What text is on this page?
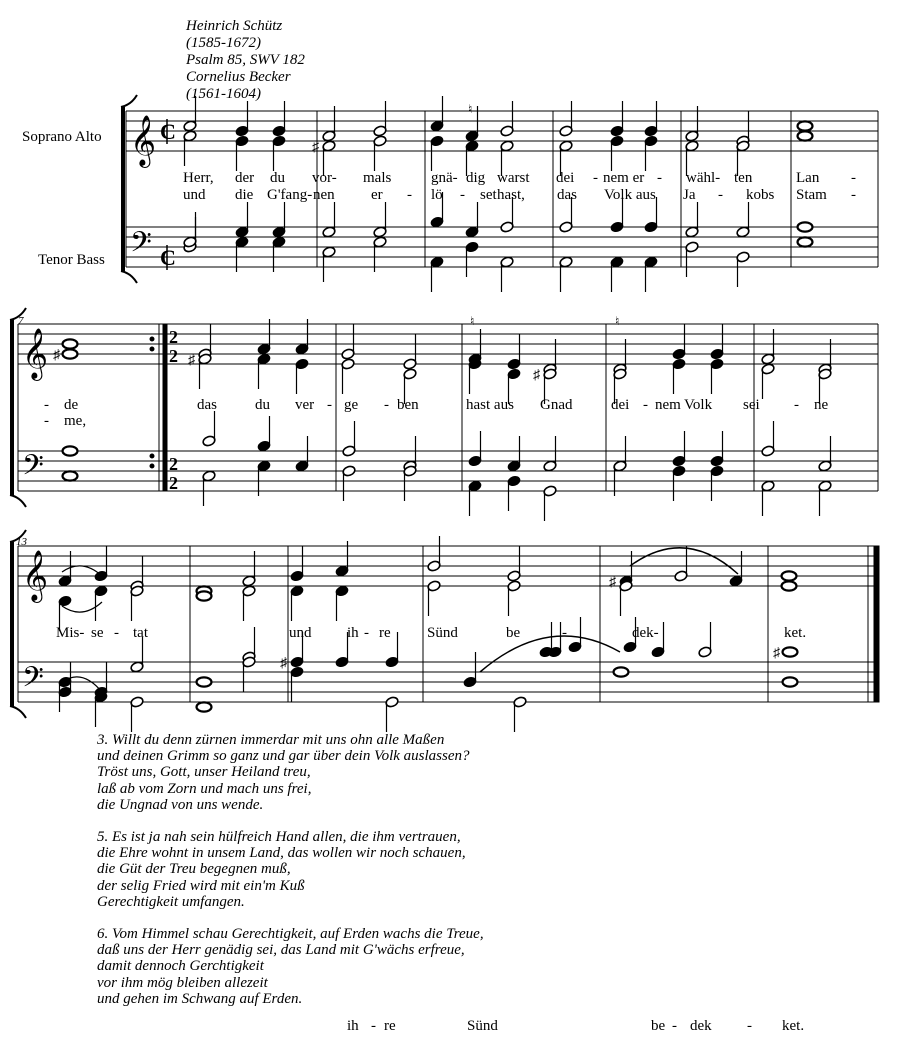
Heinrich Schütz
(1585-1672)
Psalm 85, SWV 182
Cornelius Becker
(1561-1604)
𝄞
𝄢
𝄞
𝄢
𝄞
𝄢
C
C
2
2
2
2
♯
♮
♯	♯
♯
♮	♮
♯
♯
♯
Herr, der du vor- mals	gnä- dig warst dei - nem er - wähl- ten	Lan -
und die G'fang- nen er - lö - set hast, das Volk aus Ja - kobs Stam -
- de	das	du ver - ge - ben	hast aus Gnad	dei - nem Volk sei - ne
- me,
Mis- se - tat	und ih - re Sünd	be	-	dek-	ket.
ih - re	Sünd	be - dek - ket.
Soprano Alto
Tenor Bass
7
13
3. Willt du denn zürnen immerdar mit uns ohn alle Maßen
und deinen Grimm so ganz und gar über dein Volk auslassen?
Tröst uns, Gott, unser Heiland treu,
laß ab vom Zorn und mach uns frei,
die Ungnad von uns wende.
5. Es ist ja nah sein hülfreich Hand allen, die ihm vertrauen,
die Ehre wohnt in unsem Land, das wollen wir noch schauen,
die Güt der Treu begegnen muß,
der selig Fried wird mit ein'm Kuß
Gerechtigkeit umfangen.
6. Vom Himmel schau Gerechtigkeit, auf Erden wachs die Treue,
daß uns der Herr genädig sei, das Land mit G'wächs erfreue,
damit dennoch Gerchtigkeit
vor ihm mög bleiben allezeit
und gehen im Schwang auf Erden.
